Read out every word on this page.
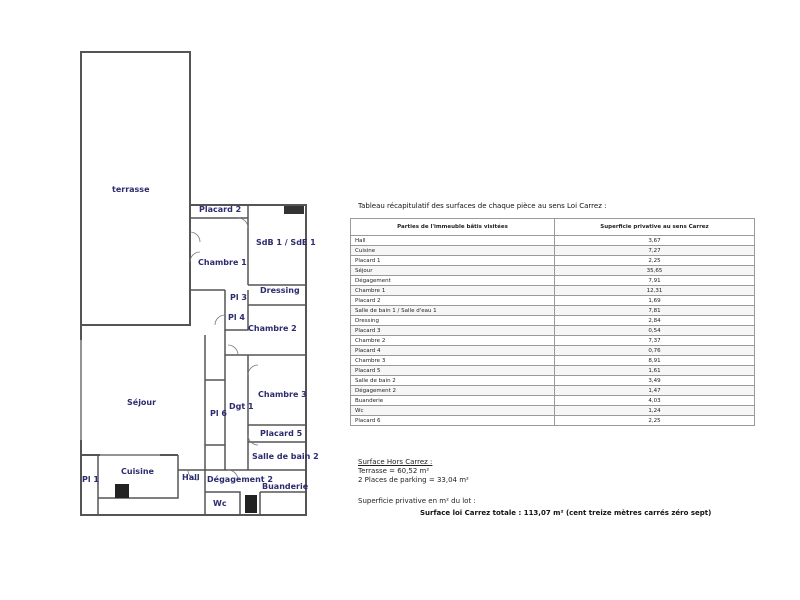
terrasse
Placard 2
SdB 1 / SdE 1
Chambre 1
Dressing
Pl 3
Pl 4
Chambre 2
Séjour
Pl 6
Dgt 1
Chambre 3
Placard 5
Salle de bain 2
Pl 1
Cuisine
Hall Dégagement 2
Buanderie
Wc
Tableau récapitulatif des surfaces de chaque pièce au sens Loi Carrez :
Parties de l'immeuble bâtis visitées	Superficie privative au sens Carrez
Hall	3,67
Cuisine	7,27
Placard 1	2,25
Séjour	35,65
Dégagement	7,91
Chambre 1	12,31
Placard 2	1,69
Salle de bain 1 / Salle d'eau 1	7,81
Dressing	2,84
Placard 3	0,54
Chambre 2	7,37
Placard 4	0,76
Chambre 3	8,91
Placard 5	1,61
Salle de bain 2	3,49
Dégagement 2	1,47
Buanderie	4,03
Wc	1,24
Placard 6	2,25
Surface Hors Carrez :
Terrasse = 60,52 m²
2 Places de parking = 33,04 m²
Superficie privative en m² du lot :
Surface loi Carrez totale : 113,07 m² (cent treize mètres carrés zéro sept)
